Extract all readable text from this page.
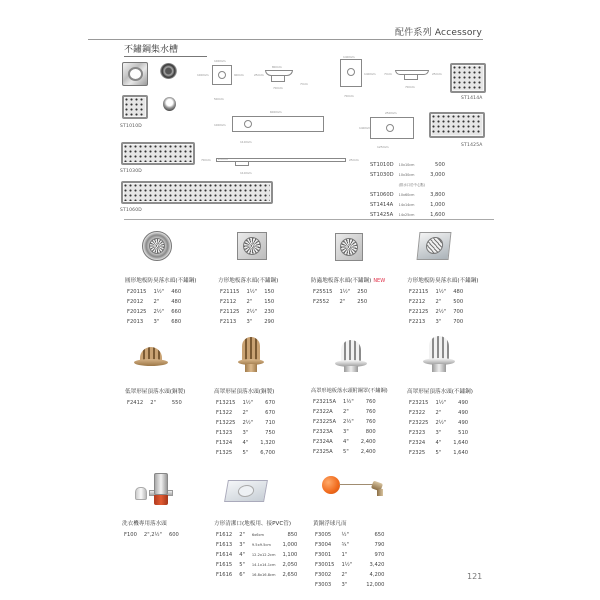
配件系列 Accessory
不鏽鋼集水槽
ST1010D
ST1030D
ST1060D
ST1414A
ST1425A
100mm
100mm	90mm
50mm
80mm
25mm
7mm
70mm
140mm
70mm
140mm	7mm	25mm
70mm
250mm
140mm
125mm
600mm
100mm
110mm
70mm 25mm	25mm
110mm
ST1010D	10x10cm	500
ST1030D	10x30cm	3,000
	(排水口於中心點)	
ST1060D	10x60cm	3,800
ST1414A	14x14cm	1,000
ST1425A	14x25cm	1,600
圓形地板防臭落水頭(不鏽鋼)
F20115	1½"	460
F2012	2"	480
F20125	2½"	660
F2013	3"	680
方形地板落水頭(不鏽鋼)
F21115	1½"	150
F2112	2"	150
F21125	2½"	230
F2113	3"	290
防蟲地板落水頭(不鏽鋼) NEW
F25515	1½"	250
F2552	2"	250
方形地板防臭落水頭(不鏽鋼)
F22115	1½"	480
F2212	2"	500
F22125	2½"	700
F2213	3"	700
低罩形屋頂落水頭(銅製)
F2412	2"	550
高罩形屋頂落水頭(銅製)
F13215	1½"	670
F1322	2"	670
F13225	2½"	710
F1323	3"	750
F1324	4"	1,320
F1325	5"	6,700
高罩形地板落水頭附鋼罩(不鏽鋼)
F23215A	1½"	760
F2322A	2"	760
F23225A	2½"	760
F2323A	3"	800
F2324A	4"	2,400
F2325A	5"	2,400
高罩形屋頂落水頭(不鏽鋼)
F23215	1½"	490
F2322	2"	490
F23225	2½"	490
F2323	3"	510
F2324	4"	1,640
F2325	5"	1,640
洗衣機專用落水頭
F100	2",2½"	600
方形清潔口(地板用、接PVC管)
F1612	2"	6x6cm	850
F1613	3"	9.5x9.5cm	1,000
F1614	4"	12.2x12.2cm	1,100
F1615	5"	14.1x14.1cm	2,050
F1616	6"	16.8x16.8cm	2,650
黃銅浮球凡而
F3005	½"	650
F3004	¾"	790
F3001	1"	970
F30015	1½"	3,420
F3002	2"	4,200
F3003	3"	12,000
121
